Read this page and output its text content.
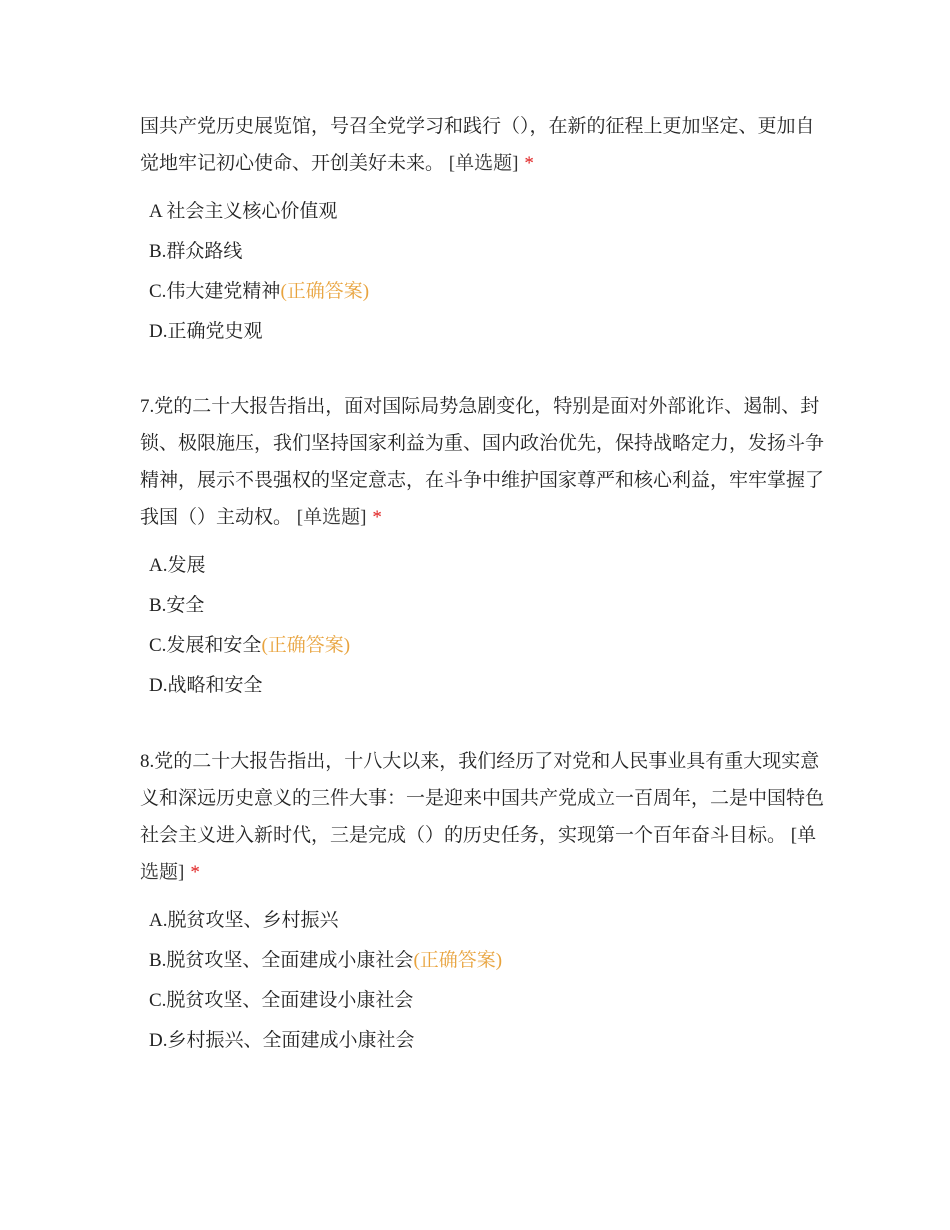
国共产党历史展览馆，号召全党学习和践行（），在新的征程上更加坚定、更加自
觉地牢记初心使命、开创美好未来。 [单选题] *
A 社会主义核心价值观
B.群众路线
C.伟大建党精神(正确答案)
D.正确党史观
7.党的二十大报告指出，面对国际局势急剧变化，特别是面对外部讹诈、遏制、封
锁、极限施压，我们坚持国家利益为重、国内政治优先，保持战略定力，发扬斗争
精神，展示不畏强权的坚定意志，在斗争中维护国家尊严和核心利益，牢牢掌握了
我国（）主动权。 [单选题] *
A.发展
B.安全
C.发展和安全(正确答案)
D.战略和安全
8.党的二十大报告指出，十八大以来，我们经历了对党和人民事业具有重大现实意
义和深远历史意义的三件大事：一是迎来中国共产党成立一百周年，二是中国特色
社会主义进入新时代，三是完成（）的历史任务，实现第一个百年奋斗目标。 [单
选题] *
A.脱贫攻坚、乡村振兴
B.脱贫攻坚、全面建成小康社会(正确答案)
C.脱贫攻坚、全面建设小康社会
D.乡村振兴、全面建成小康社会
